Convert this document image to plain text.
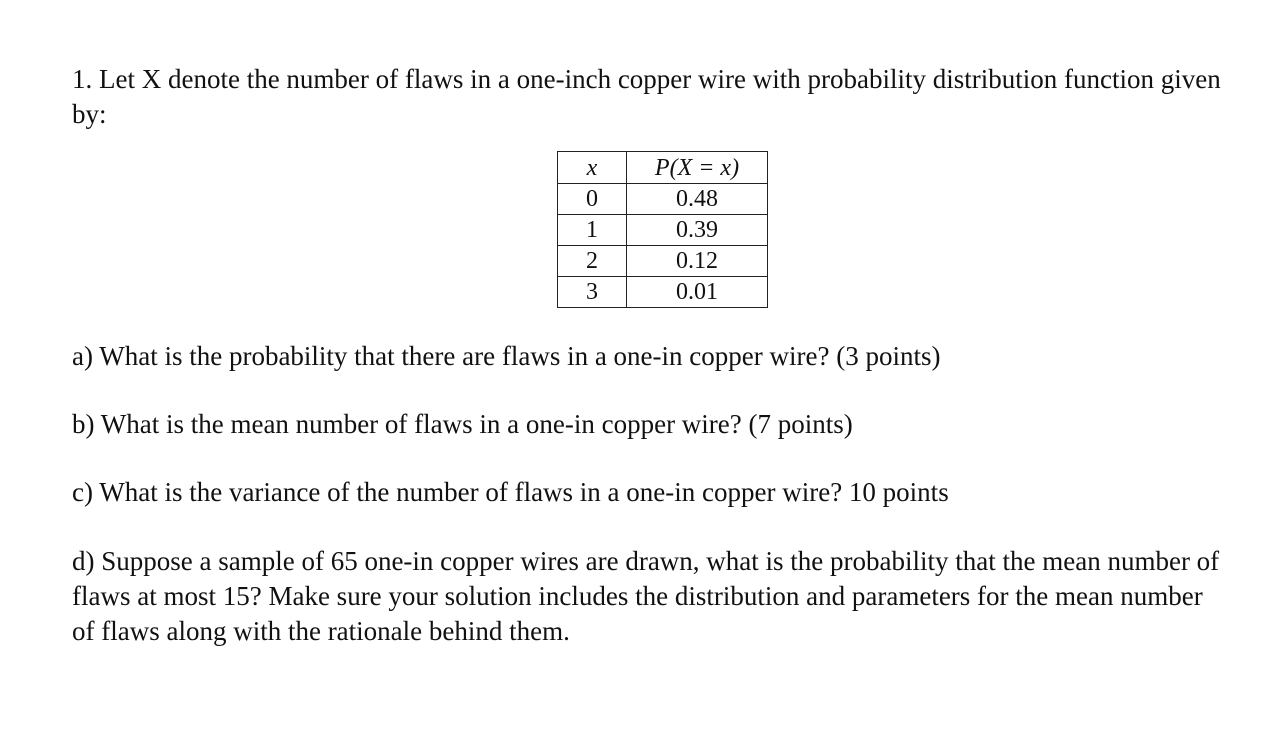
1. Let X denote the number of flaws in a one-inch copper wire with probability distribution function given by:

x	P(X = x)
0	0.48
1	0.39
2	0.12
3	0.01

a) What is the probability that there are flaws in a one-in copper wire? (3 points)

b) What is the mean number of flaws in a one-in copper wire? (7 points)

c) What is the variance of the number of flaws in a one-in copper wire? 10 points

d) Suppose a sample of 65 one-in copper wires are drawn, what is the probability that the mean number of flaws at most 15? Make sure your solution includes the distribution and parameters for the mean number of flaws along with the rationale behind them.
